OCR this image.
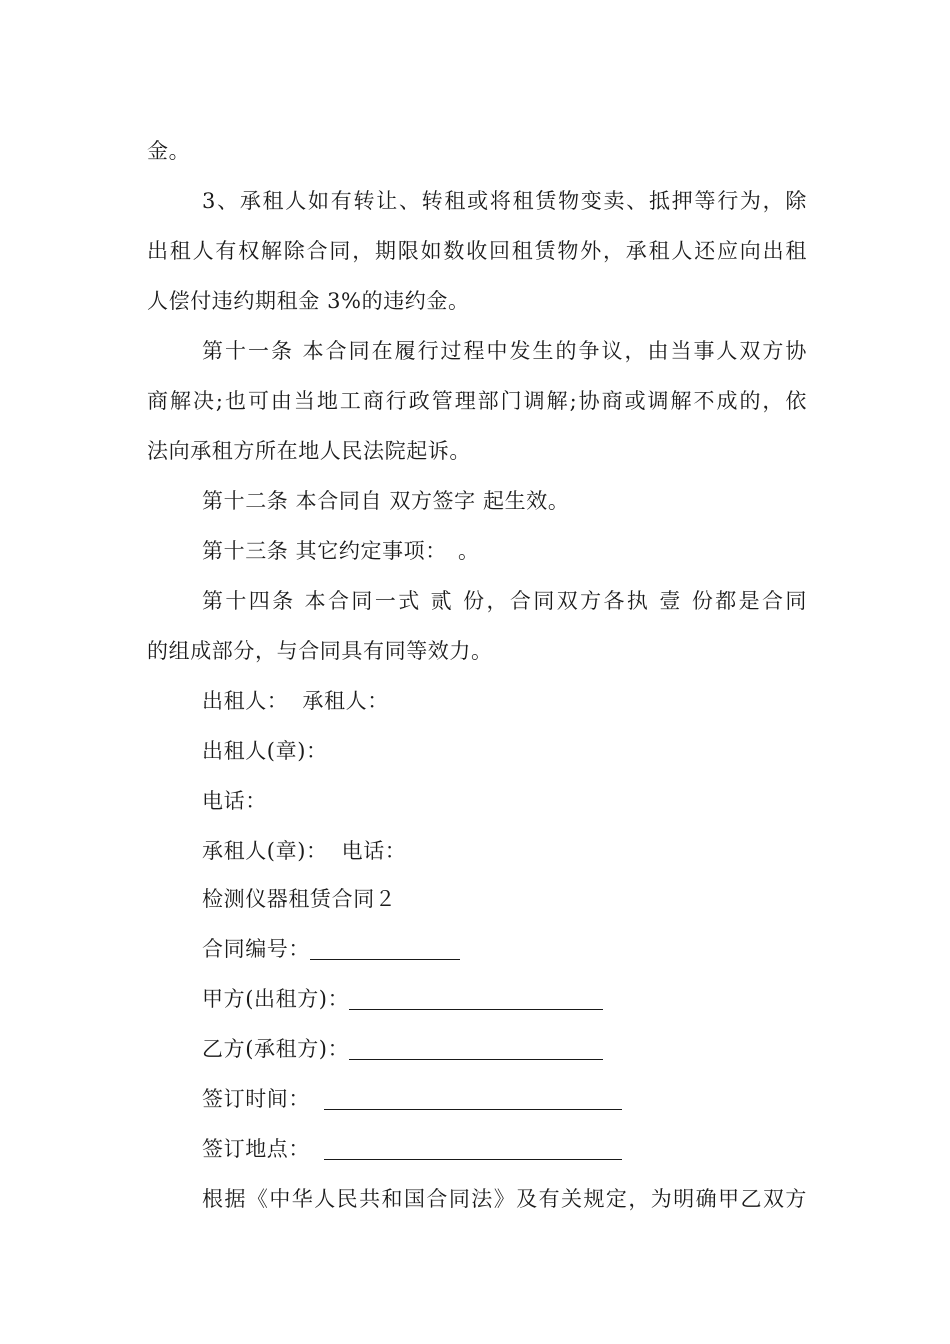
金。
3、承租人如有转让、转租或将租赁物变卖、抵押等行为，除
出租人有权解除合同，期限如数收回租赁物外，承租人还应向出租
人偿付违约期租金 3%的违约金。
第十一条 本合同在履行过程中发生的争议，由当事人双方协
商解决;也可由当地工商行政管理部门调解;协商或调解不成的，依
法向承租方所在地人民法院起诉。
第十二条 本合同自 双方签字 起生效。
第十三条 其它约定事项：　。
第十四条 本合同一式 贰 份，合同双方各执 壹 份都是合同
的组成部分，与合同具有同等效力。
出租人： 承租人：
出租人(章)：
电话：
承租人(章)： 电话：
检测仪器租赁合同２
合同编号：
甲方(出租方)：
乙方(承租方)：
签订时间：
签订地点：
根据《中华人民共和国合同法》及有关规定，为明确甲乙双方
